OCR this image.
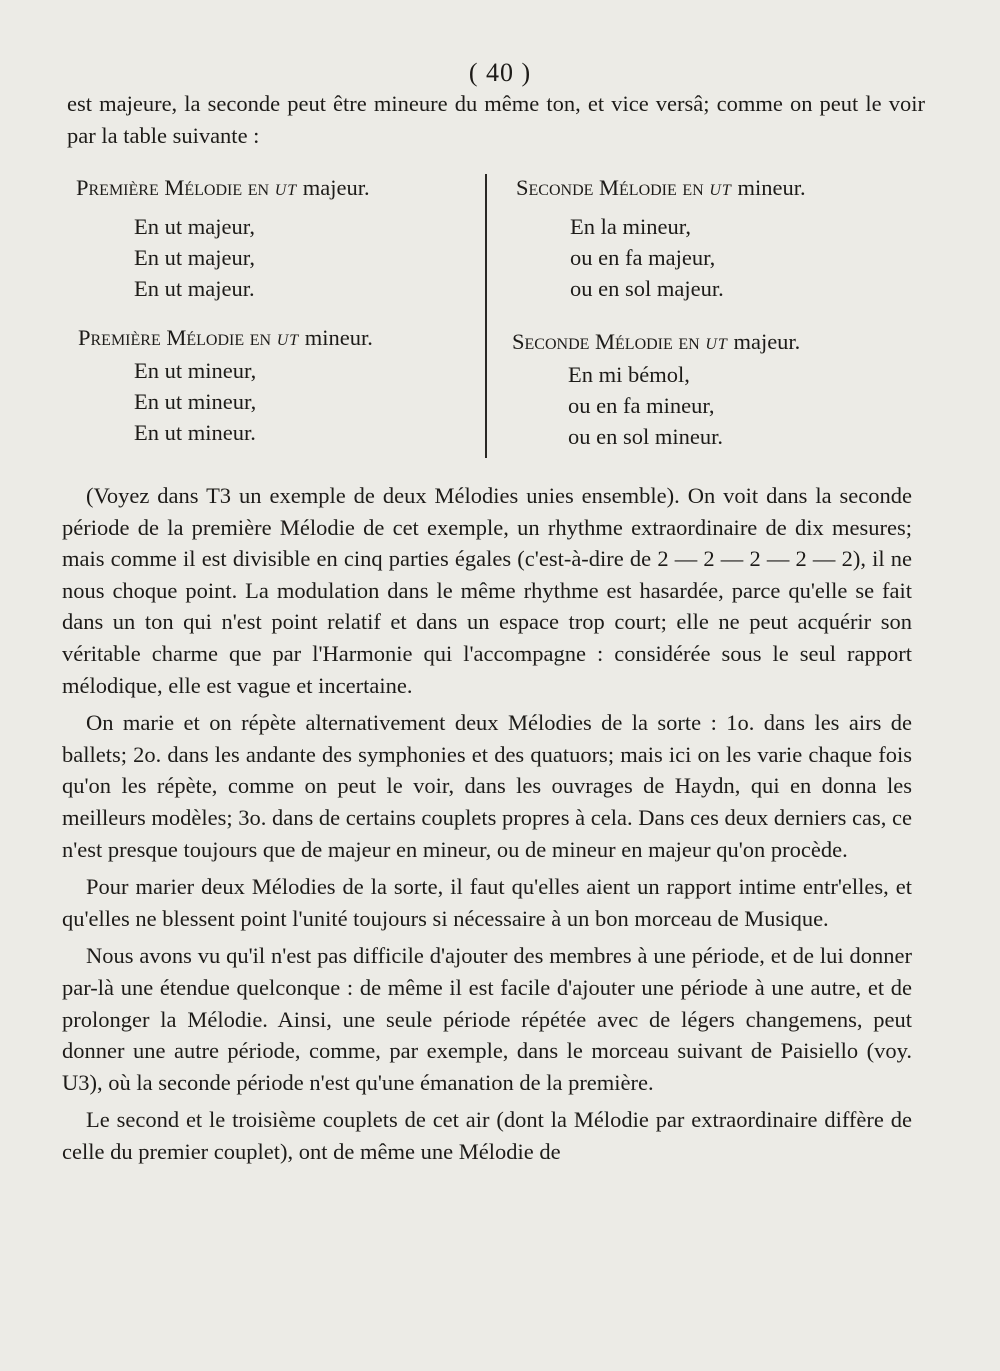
( 40 )

est majeure, la seconde peut être mineure du même ton, et vice versâ; comme on peut le voir par la table suivante :

Première Mélodie en ut majeur.
En ut majeur,
En ut majeur,
En ut majeur.
Seconde Mélodie en ut mineur.
En la mineur,
ou en fa majeur,
ou en sol majeur.
Première Mélodie en ut mineur.
En ut mineur,
En ut mineur,
En ut mineur.
Seconde Mélodie en ut majeur.
En mi bémol,
ou en fa mineur,
ou en sol mineur.

(Voyez dans T3 un exemple de deux Mélodies unies ensemble). On voit dans la seconde période de la première Mélodie de cet exemple, un rhythme extraordinaire de dix mesures; mais comme il est divisible en cinq parties égales (c'est-à-dire de 2 — 2 — 2 — 2 — 2), il ne nous choque point. La modulation dans le même rhythme est hasardée, parce qu'elle se fait dans un ton qui n'est point relatif et dans un espace trop court; elle ne peut acquérir son véritable charme que par l'Harmonie qui l'accompagne : considérée sous le seul rapport mélodique, elle est vague et incertaine.

On marie et on répète alternativement deux Mélodies de la sorte : 1o. dans les airs de ballets; 2o. dans les andante des symphonies et des quatuors; mais ici on les varie chaque fois qu'on les répète, comme on peut le voir, dans les ouvrages de Haydn, qui en donna les meilleurs modèles; 3o. dans de certains couplets propres à cela. Dans ces deux derniers cas, ce n'est presque toujours que de majeur en mineur, ou de mineur en majeur qu'on procède.

Pour marier deux Mélodies de la sorte, il faut qu'elles aient un rapport intime entr'elles, et qu'elles ne blessent point l'unité toujours si nécessaire à un bon morceau de Musique.

Nous avons vu qu'il n'est pas difficile d'ajouter des membres à une période, et de lui donner par-là une étendue quelconque : de même il est facile d'ajouter une période à une autre, et de prolonger la Mélodie. Ainsi, une seule période répétée avec de légers changemens, peut donner une autre période, comme, par exemple, dans le morceau suivant de Paisiello (voy. U3), où la seconde période n'est qu'une émanation de la première.

Le second et le troisième couplets de cet air (dont la Mélodie par extraordinaire diffère de celle du premier couplet), ont de même une Mélodie de
